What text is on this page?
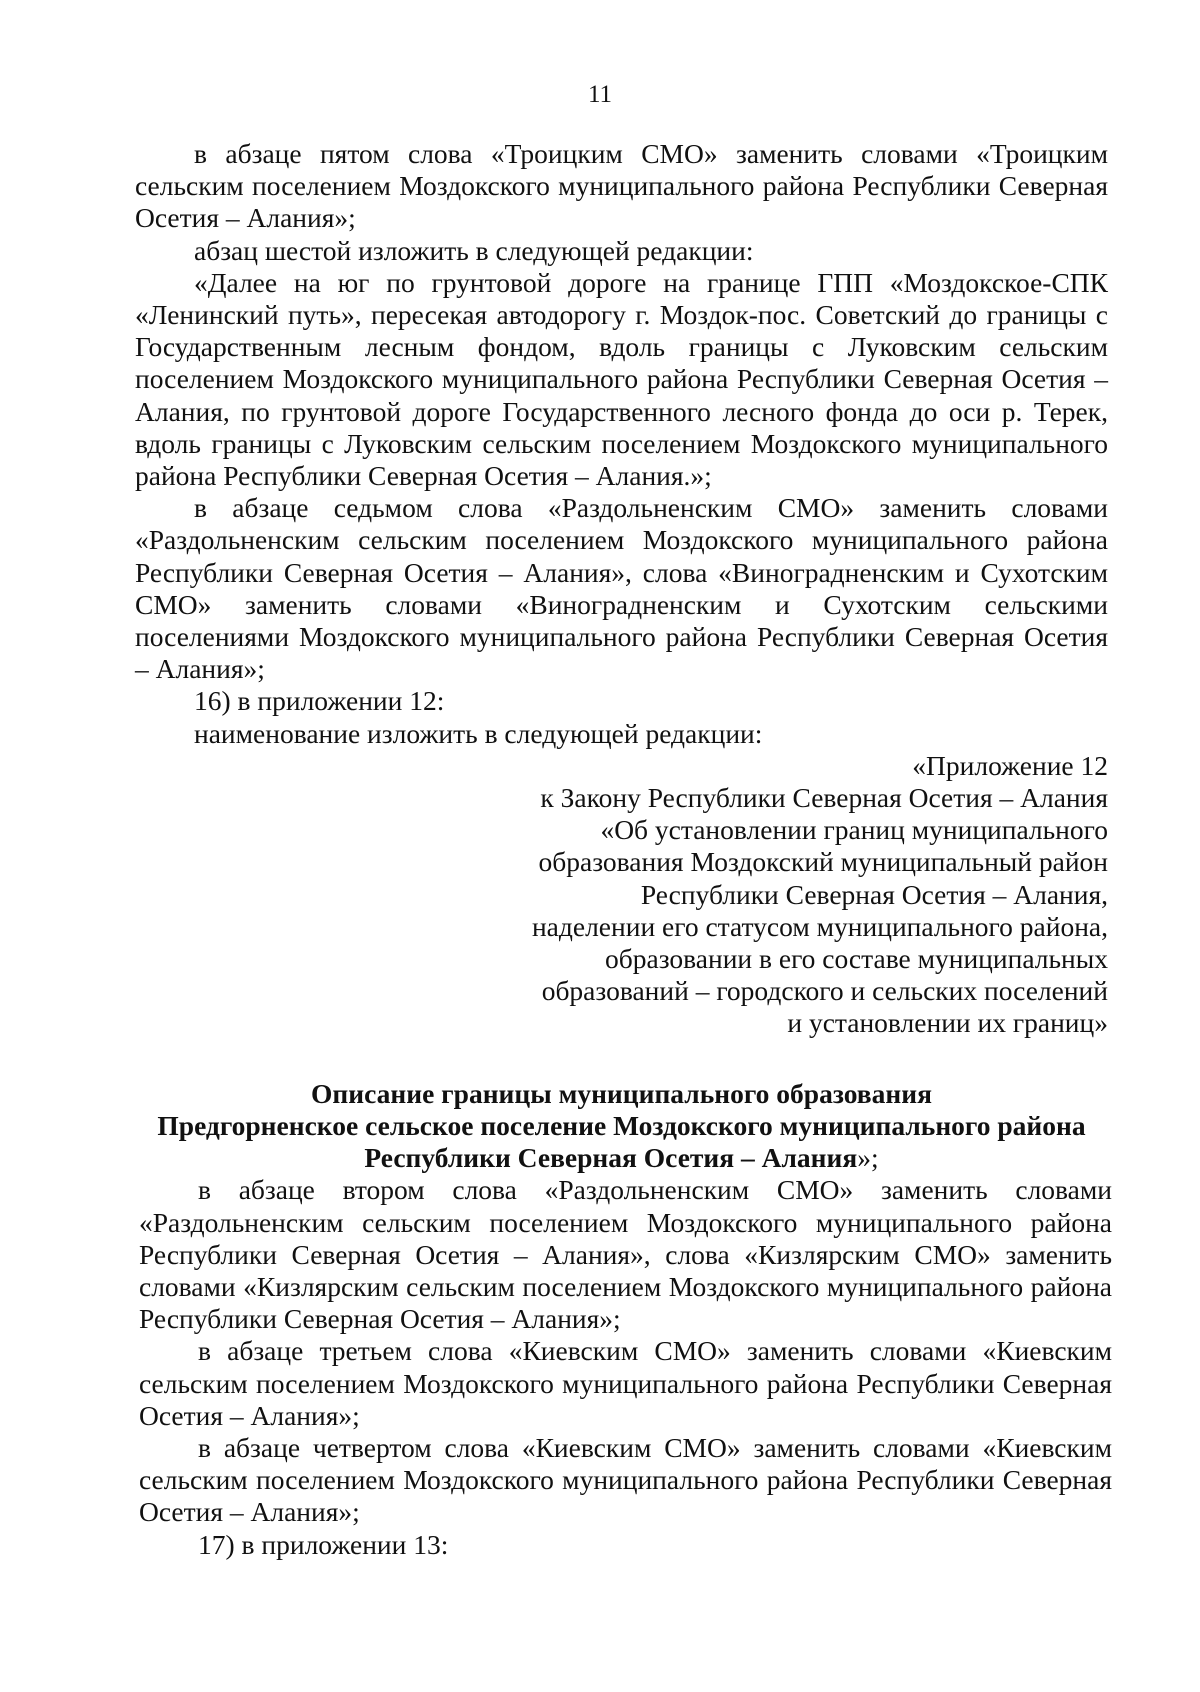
11

в абзаце пятом слова «Троицким СМО» заменить словами «Троицким сельским поселением Моздокского муниципального района Республики Северная Осетия – Алания»;

абзац шестой изложить в следующей редакции:

«Далее на юг по грунтовой дороге на границе ГПП «Моздокское-СПК «Ленинский путь», пересекая автодорогу г. Моздок-пос. Советский до границы с Государственным лесным фондом, вдоль границы с Луковским сельским поселением Моздокского муниципального района Республики Северная Осетия – Алания, по грунтовой дороге Государственного лесного фонда до оси р. Терек, вдоль границы с Луковским сельским поселением Моздокского муниципального района Республики Северная Осетия – Алания.»;

в абзаце седьмом слова «Раздольненским СМО» заменить словами «Раздольненским сельским поселением Моздокского муниципального района Республики Северная Осетия – Алания», слова «Виноградненским и Сухотским СМО» заменить словами «Виноградненским и Сухотским сельскими поселениями Моздокского муниципального района Республики Северная Осетия – Алания»;

16) в приложении 12:

наименование изложить в следующей редакции:

«Приложение 12
к Закону Республики Северная Осетия – Алания
«Об установлении границ муниципального
образования Моздокский муниципальный район
Республики Северная Осетия – Алания,
наделении его статусом муниципального района,
образовании в его составе муниципальных
образований – городского и сельских поселений
и установлении их границ»
Описание границы муниципального образования
Предгорненское сельское поселение Моздокского муниципального района
Республики Северная Осетия – Алания»;

в абзаце втором слова «Раздольненским СМО» заменить словами «Раздольненским сельским поселением Моздокского муниципального района Республики Северная Осетия – Алания», слова «Кизлярским СМО» заменить словами «Кизлярским сельским поселением Моздокского муниципального района Республики Северная Осетия – Алания»;

в абзаце третьем слова «Киевским СМО» заменить словами «Киевским сельским поселением Моздокского муниципального района Республики Северная Осетия – Алания»;

в абзаце четвертом слова «Киевским СМО» заменить словами «Киевским сельским поселением Моздокского муниципального района Республики Северная Осетия – Алания»;

17) в приложении 13:
